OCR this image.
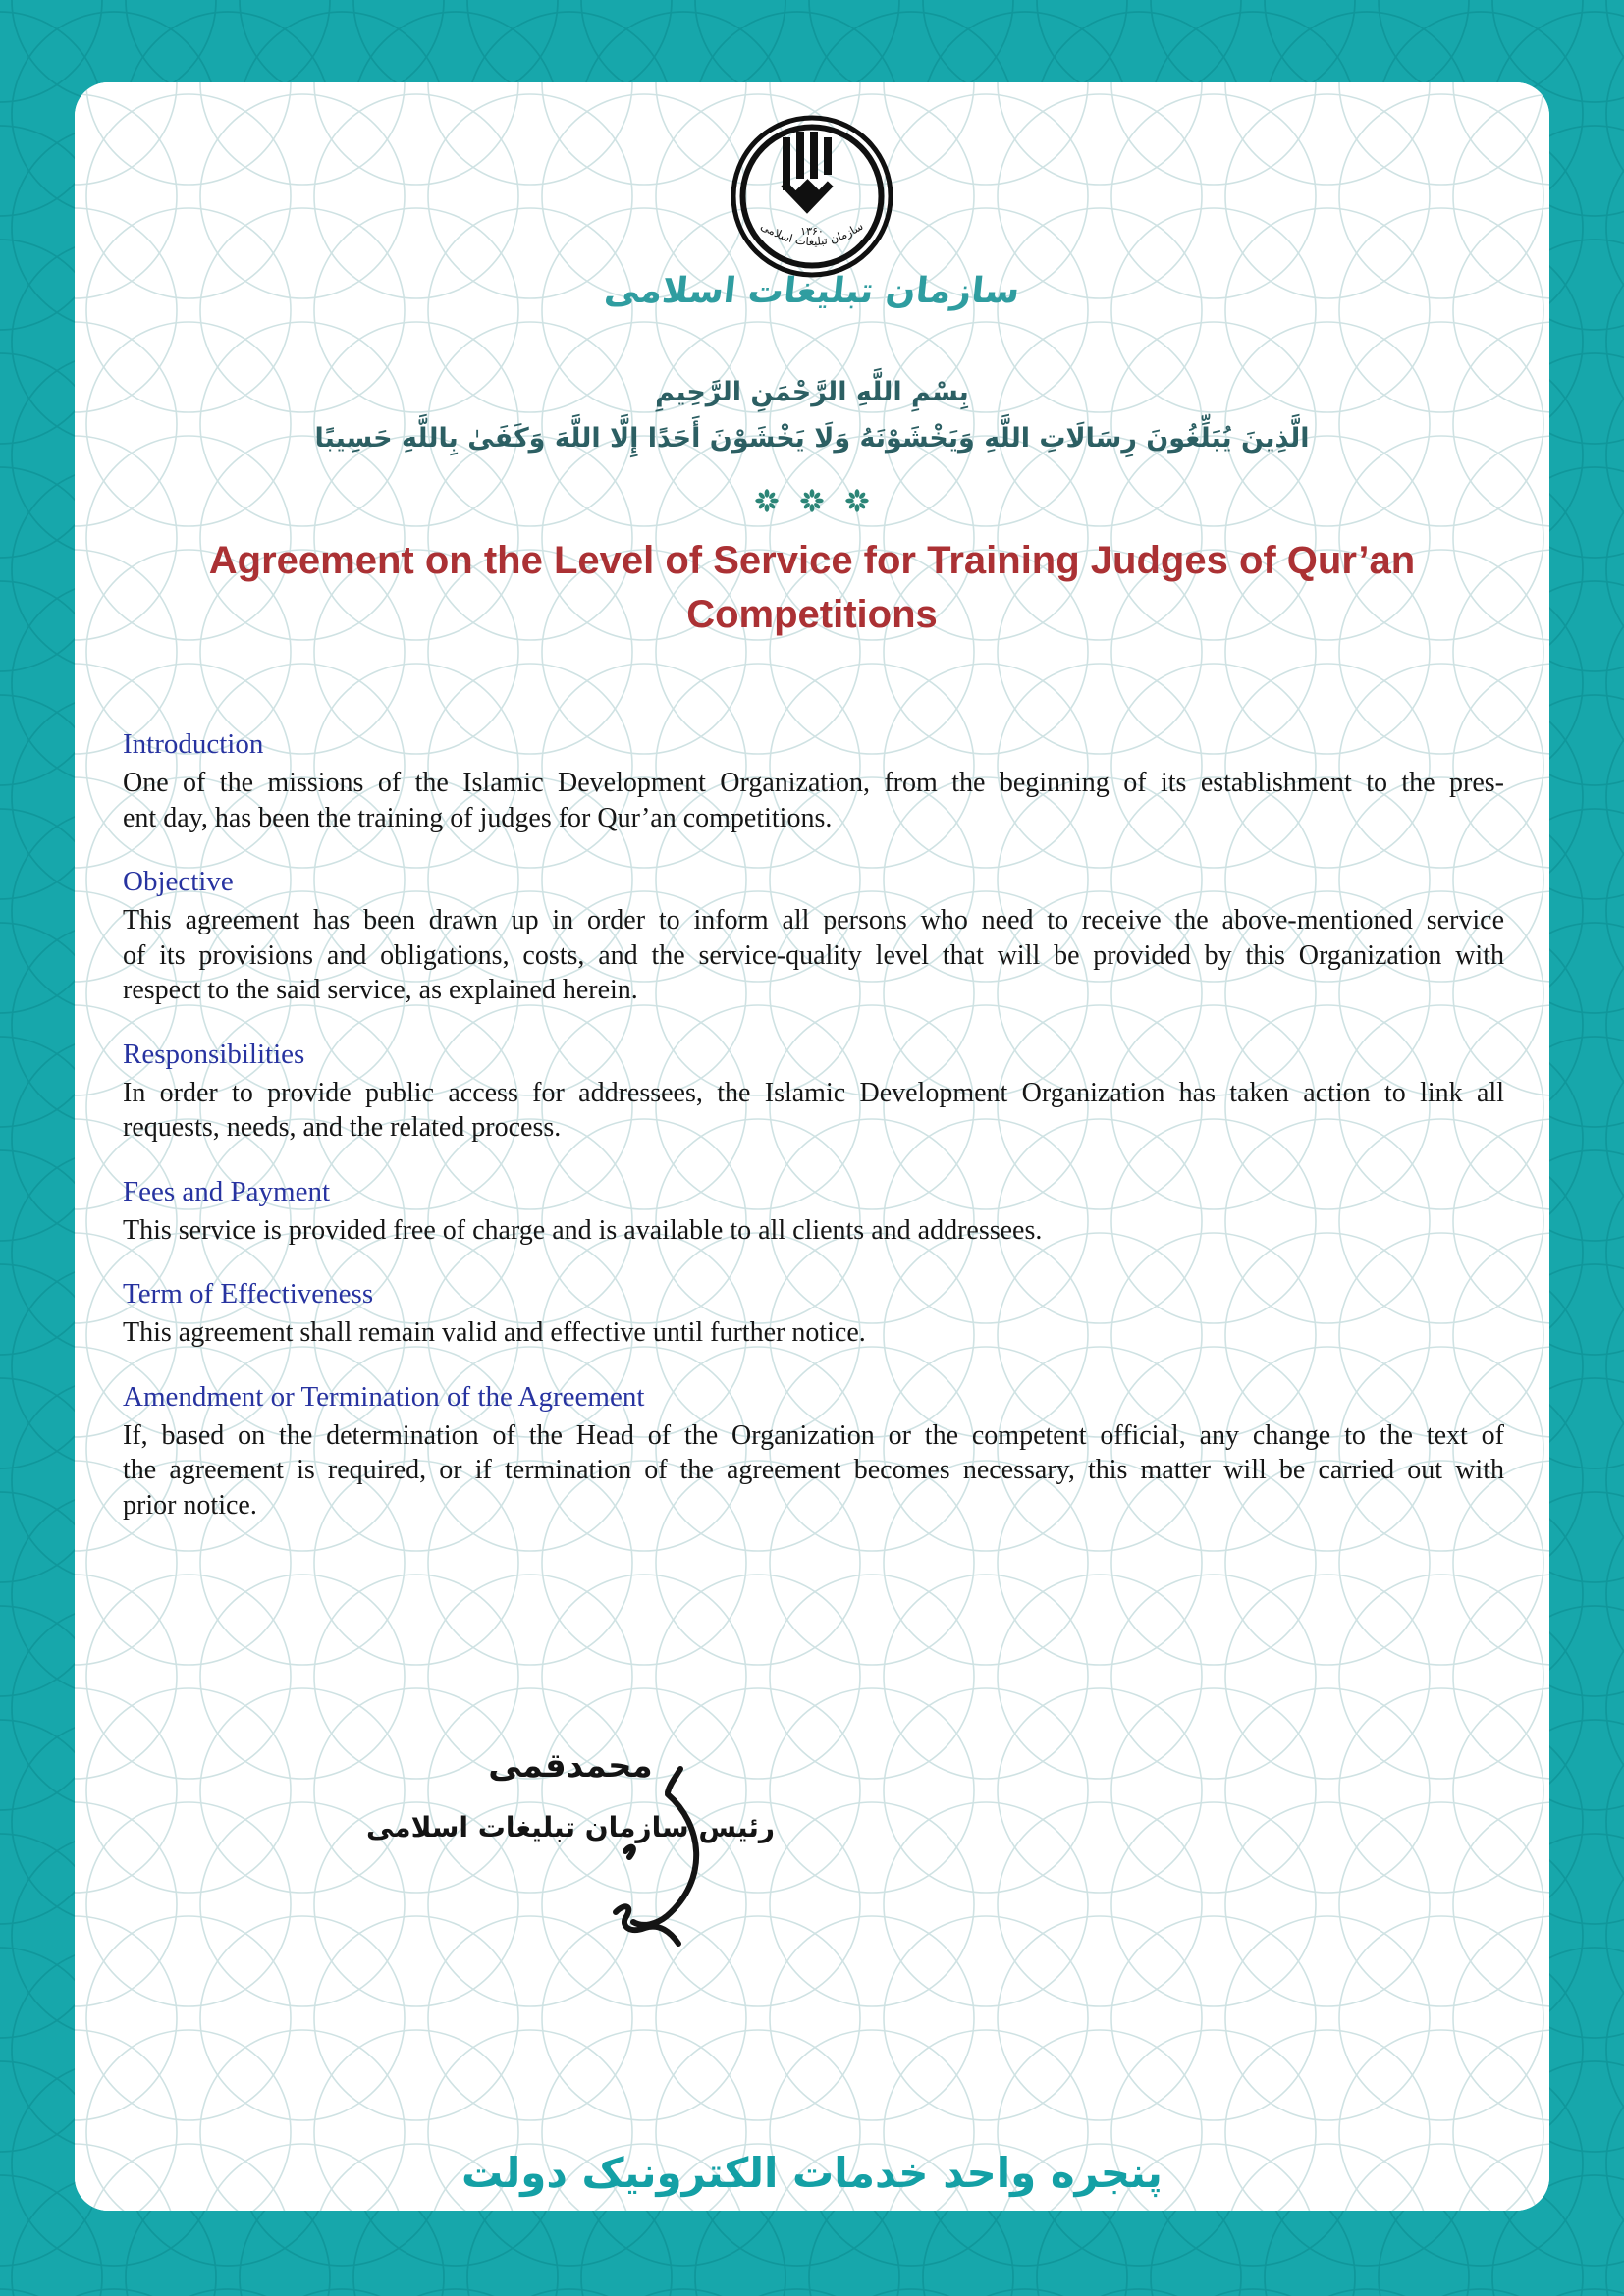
۱۳۶۰
سازمان تبلیغات اسلامی
سازمان تبلیغات اسلامی
بِسْمِ اللَّهِ الرَّحْمَنِ الرَّحِيمِ
الَّذِينَ يُبَلِّغُونَ رِسَالَاتِ اللَّهِ وَيَخْشَوْنَهُ وَلَا يَخْشَوْنَ أَحَدًا إِلَّا اللَّهَ وَكَفَىٰ بِاللَّهِ حَسِيبًا

Agreement on the Level of Service for Training Judges of Qur’an
Competitions
Introduction
One of the missions of the Islamic Development Organization, from the beginning of its establishment to the pres-
ent day, has been the training of judges for Qur’an competitions.
Objective
This agreement has been drawn up in order to inform all persons who need to receive the above-mentioned service
of its provisions and obligations, costs, and the service-quality level that will be provided by this Organization with
respect to the said service, as explained herein.
Responsibilities
In order to provide public access for addressees, the Islamic Development Organization has taken action to link all
requests, needs, and the related process.
Fees and Payment
This service is provided free of charge and is available to all clients and addressees.
Term of Effectiveness
This agreement shall remain valid and effective until further notice.
Amendment or Termination of the Agreement
If, based on the determination of the Head of the Organization or the competent official, any change to the text of
the agreement is required, or if termination of the agreement becomes necessary, this matter will be carried out with
prior notice.
محمدقمی
رئیس سازمان تبلیغات اسلامی
پنجره واحد خدمات الکترونیک دولت
